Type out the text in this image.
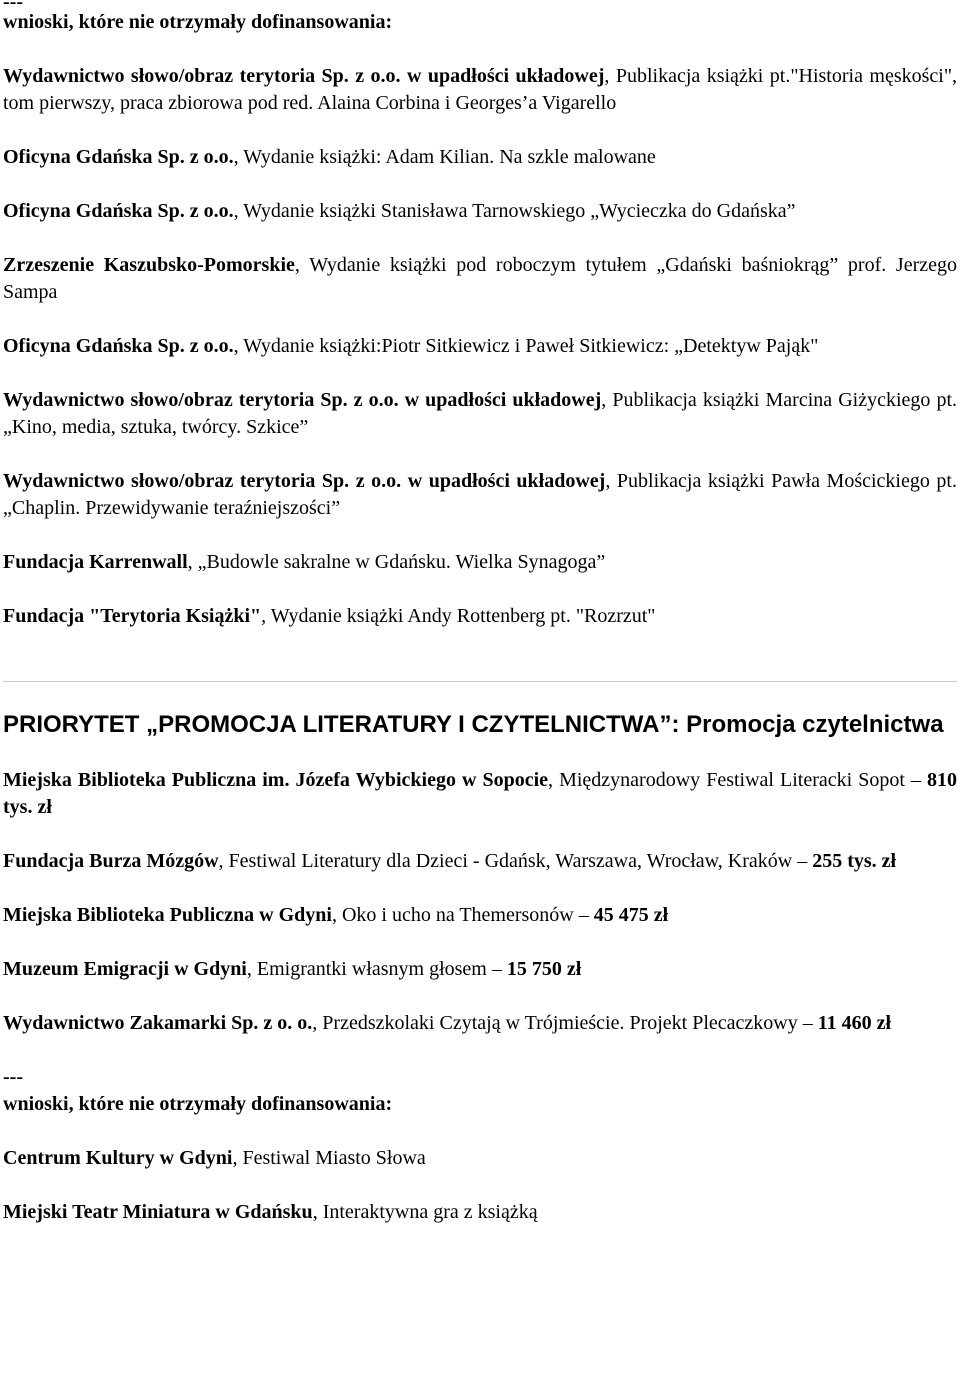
---

wnioski, które nie otrzymały dofinansowania:

Wydawnictwo słowo/obraz terytoria Sp. z o.o. w upadłości układowej, Publikacja książki pt."Historia męskości", tom pierwszy, praca zbiorowa pod red. Alaina Corbina i Georges’a Vigarello

Oficyna Gdańska Sp. z o.o., Wydanie książki: Adam Kilian. Na szkle malowane

Oficyna Gdańska Sp. z o.o., Wydanie książki Stanisława Tarnowskiego „Wycieczka do Gdańska”

Zrzeszenie Kaszubsko-Pomorskie, Wydanie książki pod roboczym tytułem „Gdański baśniokrąg” prof. Jerzego Sampa

Oficyna Gdańska Sp. z o.o., Wydanie książki:Piotr Sitkiewicz i Paweł Sitkiewicz: „Detektyw Pająk"

Wydawnictwo słowo/obraz terytoria Sp. z o.o. w upadłości układowej, Publikacja książki Marcina Giżyckiego pt. „Kino, media, sztuka, twórcy. Szkice”

Wydawnictwo słowo/obraz terytoria Sp. z o.o. w upadłości układowej, Publikacja książki Pawła Mościckiego pt. „Chaplin. Przewidywanie teraźniejszości”

Fundacja Karrenwall, „Budowle sakralne w Gdańsku. Wielka Synagoga”

Fundacja "Terytoria Książki", Wydanie książki Andy Rottenberg pt. "Rozrzut"

PRIORYTET „PROMOCJA LITERATURY I CZYTELNICTWA”: Promocja czytelnictwa

Miejska Biblioteka Publiczna im. Józefa Wybickiego w Sopocie, Międzynarodowy Festiwal Literacki Sopot – 810 tys. zł

Fundacja Burza Mózgów, Festiwal Literatury dla Dzieci - Gdańsk, Warszawa, Wrocław, Kraków – 255 tys. zł

Miejska Biblioteka Publiczna w Gdyni, Oko i ucho na Themersonów – 45 475 zł

Muzeum Emigracji w Gdyni, Emigrantki własnym głosem – 15 750 zł

Wydawnictwo Zakamarki Sp. z o. o., Przedszkolaki Czytają w Trójmieście. Projekt Plecaczkowy – 11 460 zł

---

wnioski, które nie otrzymały dofinansowania:

Centrum Kultury w Gdyni, Festiwal Miasto Słowa

Miejski Teatr Miniatura w Gdańsku, Interaktywna gra z książką
